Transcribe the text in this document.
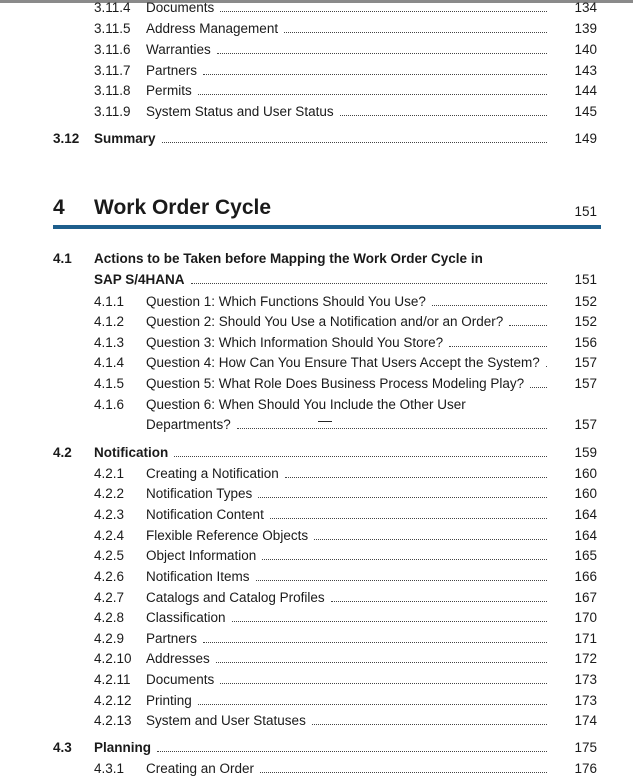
3.11.4 Documents	134
3.11.5 Address Management	139
3.11.6 Warranties	140
3.11.7 Partners	143
3.11.8 Permits	144
3.11.9 System Status and User Status	145
3.12 Summary	149
4 Work Order Cycle	151
4.1 Actions to be Taken before Mapping the Work Order Cycle in
SAP S/4HANA	151
4.1.1 Question 1: Which Functions Should You Use?	152
4.1.2 Question 2: Should You Use a Notification and/or an Order?	152
4.1.3 Question 3: Which Information Should You Store?	156
4.1.4 Question 4: How Can You Ensure That Users Accept the System?	157
4.1.5 Question 5: What Role Does Business Process Modeling Play?	157
4.1.6 Question 6: When Should You Include the Other User
Departments?	157
4.2 Notification	159
4.2.1 Creating a Notification	160
4.2.2 Notification Types	160
4.2.3 Notification Content	164
4.2.4 Flexible Reference Objects	164
4.2.5 Object Information	165
4.2.6 Notification Items	166
4.2.7 Catalogs and Catalog Profiles	167
4.2.8 Classification	170
4.2.9 Partners	171
4.2.10 Addresses	172
4.2.11 Documents	173
4.2.12 Printing	173
4.2.13 System and User Statuses	174
4.3 Planning	175
4.3.1 Creating an Order	176
